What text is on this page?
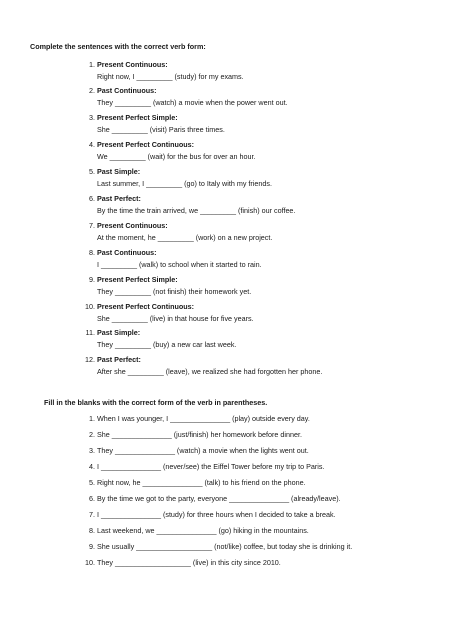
Complete the sentences with the correct verb form:
1. Present Continuous:
Right now, I _________ (study) for my exams.
2. Past Continuous:
They _________ (watch) a movie when the power went out.
3. Present Perfect Simple:
She _________ (visit) Paris three times.
4. Present Perfect Continuous:
We _________ (wait) for the bus for over an hour.
5. Past Simple:
Last summer, I _________ (go) to Italy with my friends.
6. Past Perfect:
By the time the train arrived, we _________ (finish) our coffee.
7. Present Continuous:
At the moment, he _________ (work) on a new project.
8. Past Continuous:
I _________ (walk) to school when it started to rain.
9. Present Perfect Simple:
They _________ (not finish) their homework yet.
10. Present Perfect Continuous:
She _________ (live) in that house for five years.
11. Past Simple:
They _________ (buy) a new car last week.
12. Past Perfect:
After she _________ (leave), we realized she had forgotten her phone.
Fill in the blanks with the correct form of the verb in parentheses.
1. When I was younger, I _______________ (play) outside every day.
2. She _______________ (just/finish) her homework before dinner.
3. They _______________ (watch) a movie when the lights went out.
4. I _______________ (never/see) the Eiffel Tower before my trip to Paris.
5. Right now, he _______________ (talk) to his friend on the phone.
6. By the time we got to the party, everyone _______________ (already/leave).
7. I _______________ (study) for three hours when I decided to take a break.
8. Last weekend, we _______________ (go) hiking in the mountains.
9. She usually ___________________ (not/like) coffee, but today she is drinking it.
10. They ___________________ (live) in this city since 2010.
